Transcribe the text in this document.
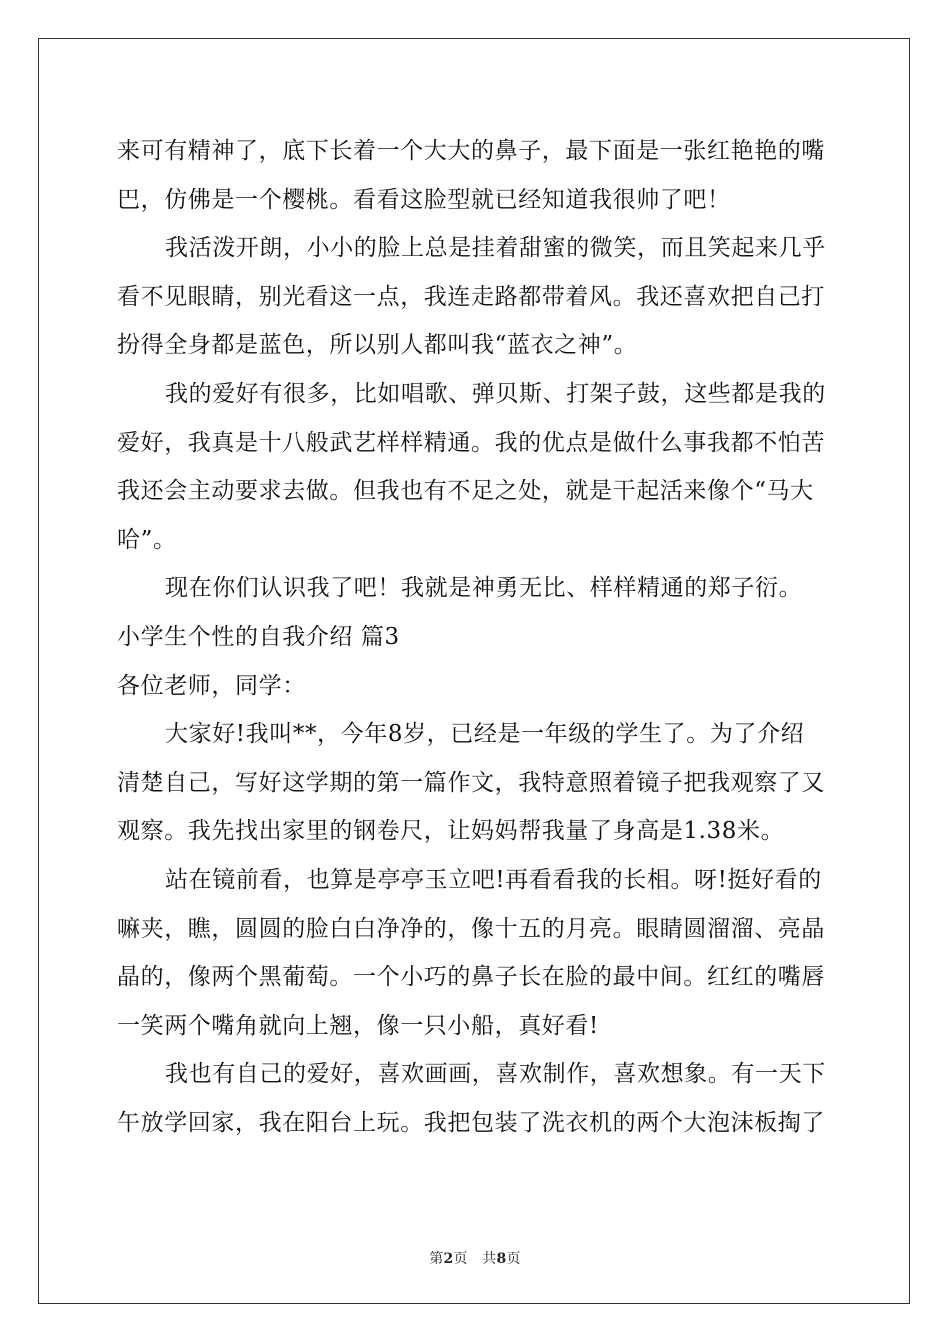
来可有精神了，底下长着一个大大的鼻子，最下面是一张红艳艳的嘴
巴，仿佛是一个樱桃。看看这脸型就已经知道我很帅了吧！
我活泼开朗，小小的脸上总是挂着甜蜜的微笑，而且笑起来几乎
看不见眼睛，别光看这一点，我连走路都带着风。我还喜欢把自己打
扮得全身都是蓝色，所以别人都叫我“蓝衣之神”。
我的爱好有很多，比如唱歌、弹贝斯、打架子鼓，这些都是我的
爱好，我真是十八般武艺样样精通。我的优点是做什么事我都不怕苦
我还会主动要求去做。但我也有不足之处，就是干起活来像个“马大
哈”。
现在你们认识我了吧！我就是神勇无比、样样精通的郑子衍。
小学生个性的自我介绍 篇3
各位老师，同学：
大家好!我叫**，今年8岁，已经是一年级的学生了。为了介绍
清楚自己，写好这学期的第一篇作文，我特意照着镜子把我观察了又
观察。我先找出家里的钢卷尺，让妈妈帮我量了身高是1.38米。
站在镜前看，也算是亭亭玉立吧!再看看我的长相。呀!挺好看的
嘛夹，瞧，圆圆的脸白白净净的，像十五的月亮。眼睛圆溜溜、亮晶
晶的，像两个黑葡萄。一个小巧的鼻子长在脸的最中间。红红的嘴唇
一笑两个嘴角就向上翘，像一只小船，真好看!
我也有自己的爱好，喜欢画画，喜欢制作，喜欢想象。有一天下
午放学回家，我在阳台上玩。我把包装了洗衣机的两个大泡沫板掏了
第2页 共8页
